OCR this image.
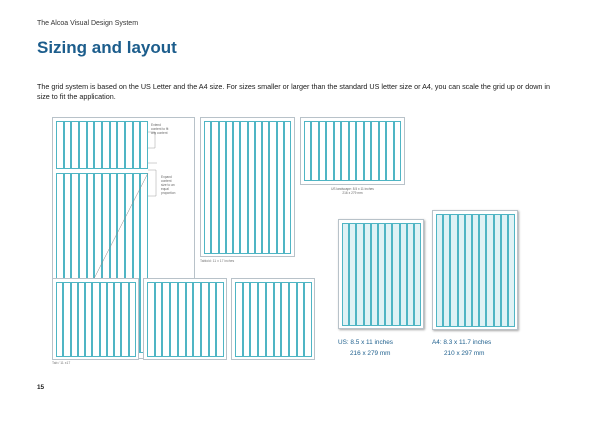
The Alcoa Visual Design System
Sizing and layout

The grid system is based on the US Letter and the A4 size. For sizes smaller or larger than the standard US letter size or A4, you can scale the grid up or down in size to fit the application.

Extend
content to fit
any content
Expand
content
size to an
equal
proportion
Tab / 11 x17
Tabloid: 11 x 17 inches
US landscape: 8.5 x 11 inches
216 x 279 mm
US: 8.5 x 11 inches
216 x 279 mm
A4: 8.3 x 11.7 inches
210 x 297 mm
15
